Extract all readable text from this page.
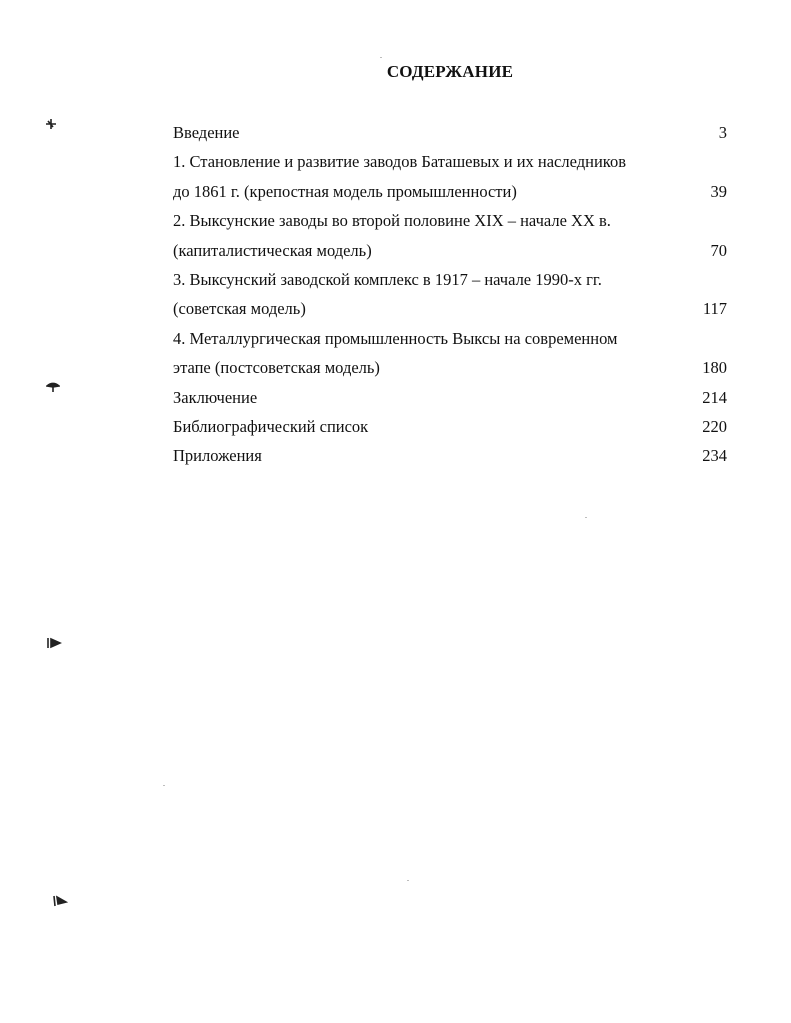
СОДЕРЖАНИЕ
Введение	3
1. Становление и развитие заводов Баташевых и их наследников
до 1861 г. (крепостная модель промышленности)	39
2. Выксунские заводы во второй половине XIX – начале XX в.
(капиталистическая модель)	70
3. Выксунский заводской комплекс в 1917 – начале 1990-х гг.
(советская модель)	117
4. Металлургическая промышленность Выксы на современном
этапе (постсоветская модель)	180
Заключение	214
Библиографический список	220
Приложения	234
